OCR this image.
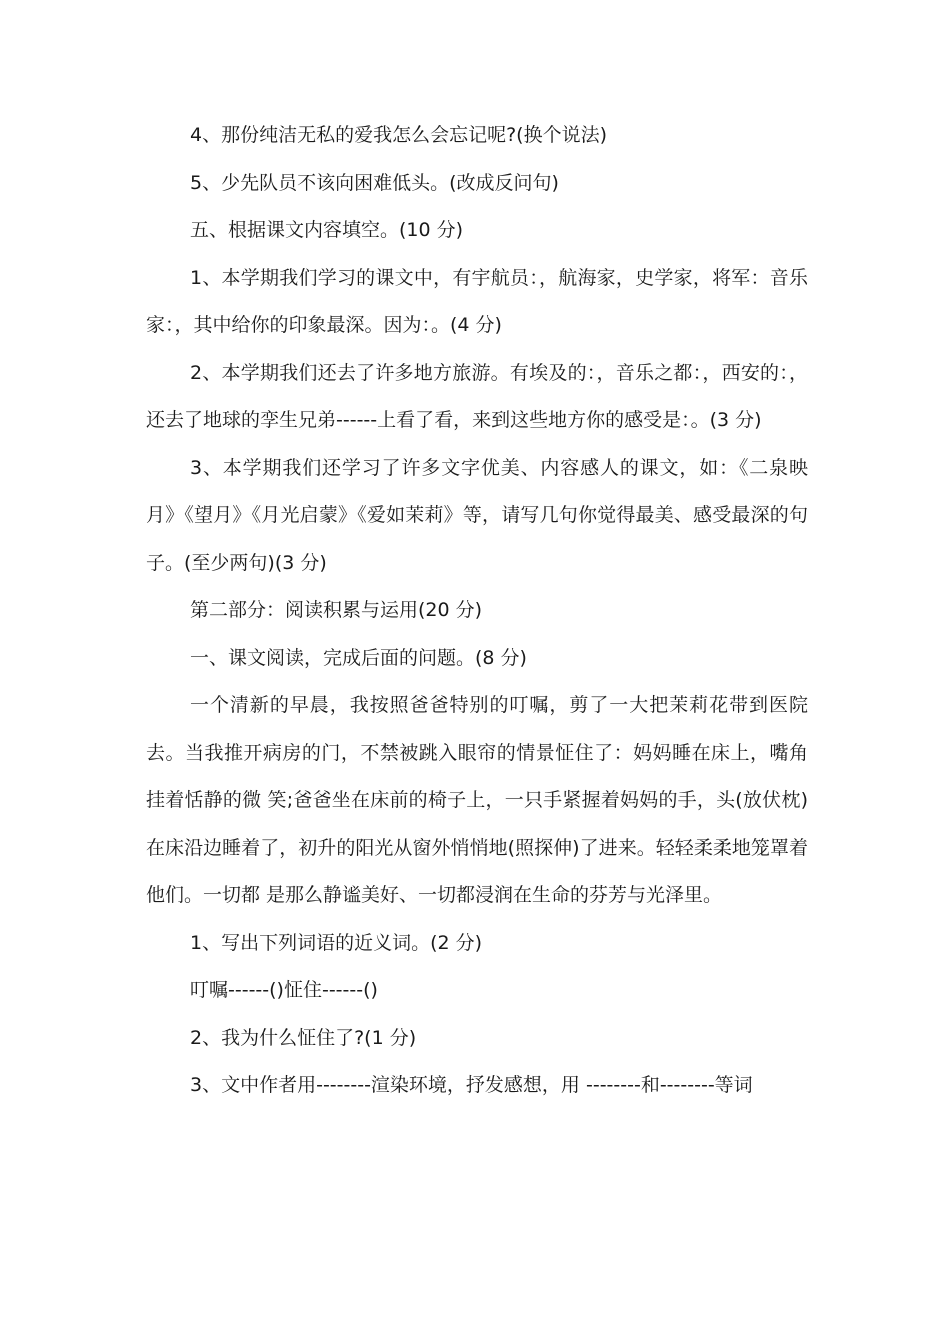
4、那份纯洁无私的爱我怎么会忘记呢?(换个说法)

5、少先队员不该向困难低头。(改成反问句)

五、根据课文内容填空。(10 分)

1、本学期我们学习的课文中，有宇航员：，航海家，史学家，将军：音乐家：，其中给你的印象最深。因为：。(4 分)

2、本学期我们还去了许多地方旅游。有埃及的：，音乐之都：，西安的：，还去了地球的孪生兄弟------上看了看，来到这些地方你的感受是：。(3 分)

3、本学期我们还学习了许多文字优美、内容感人的课文，如：《二泉映月》《望月》《月光启蒙》《爱如茉莉》等，请写几句你觉得最美、感受最深的句子。(至少两句)(3 分)

第二部分：阅读积累与运用(20 分)

一、课文阅读，完成后面的问题。(8 分)

一个清新的早晨，我按照爸爸特别的叮嘱，剪了一大把茉莉花带到医院去。当我推开病房的门，不禁被跳入眼帘的情景怔住了：妈妈睡在床上，嘴角挂着恬静的微 笑;爸爸坐在床前的椅子上，一只手紧握着妈妈的手，头(放伏枕)在床沿边睡着了，初升的阳光从窗外悄悄地(照探伸)了进来。轻轻柔柔地笼罩着他们。一切都 是那么静谧美好、一切都浸润在生命的芬芳与光泽里。

1、写出下列词语的近义词。(2 分)

叮嘱------()怔住------()

2、我为什么怔住了?(1 分)

3、文中作者用--------渲染环境，抒发感想，用 --------和--------等词
